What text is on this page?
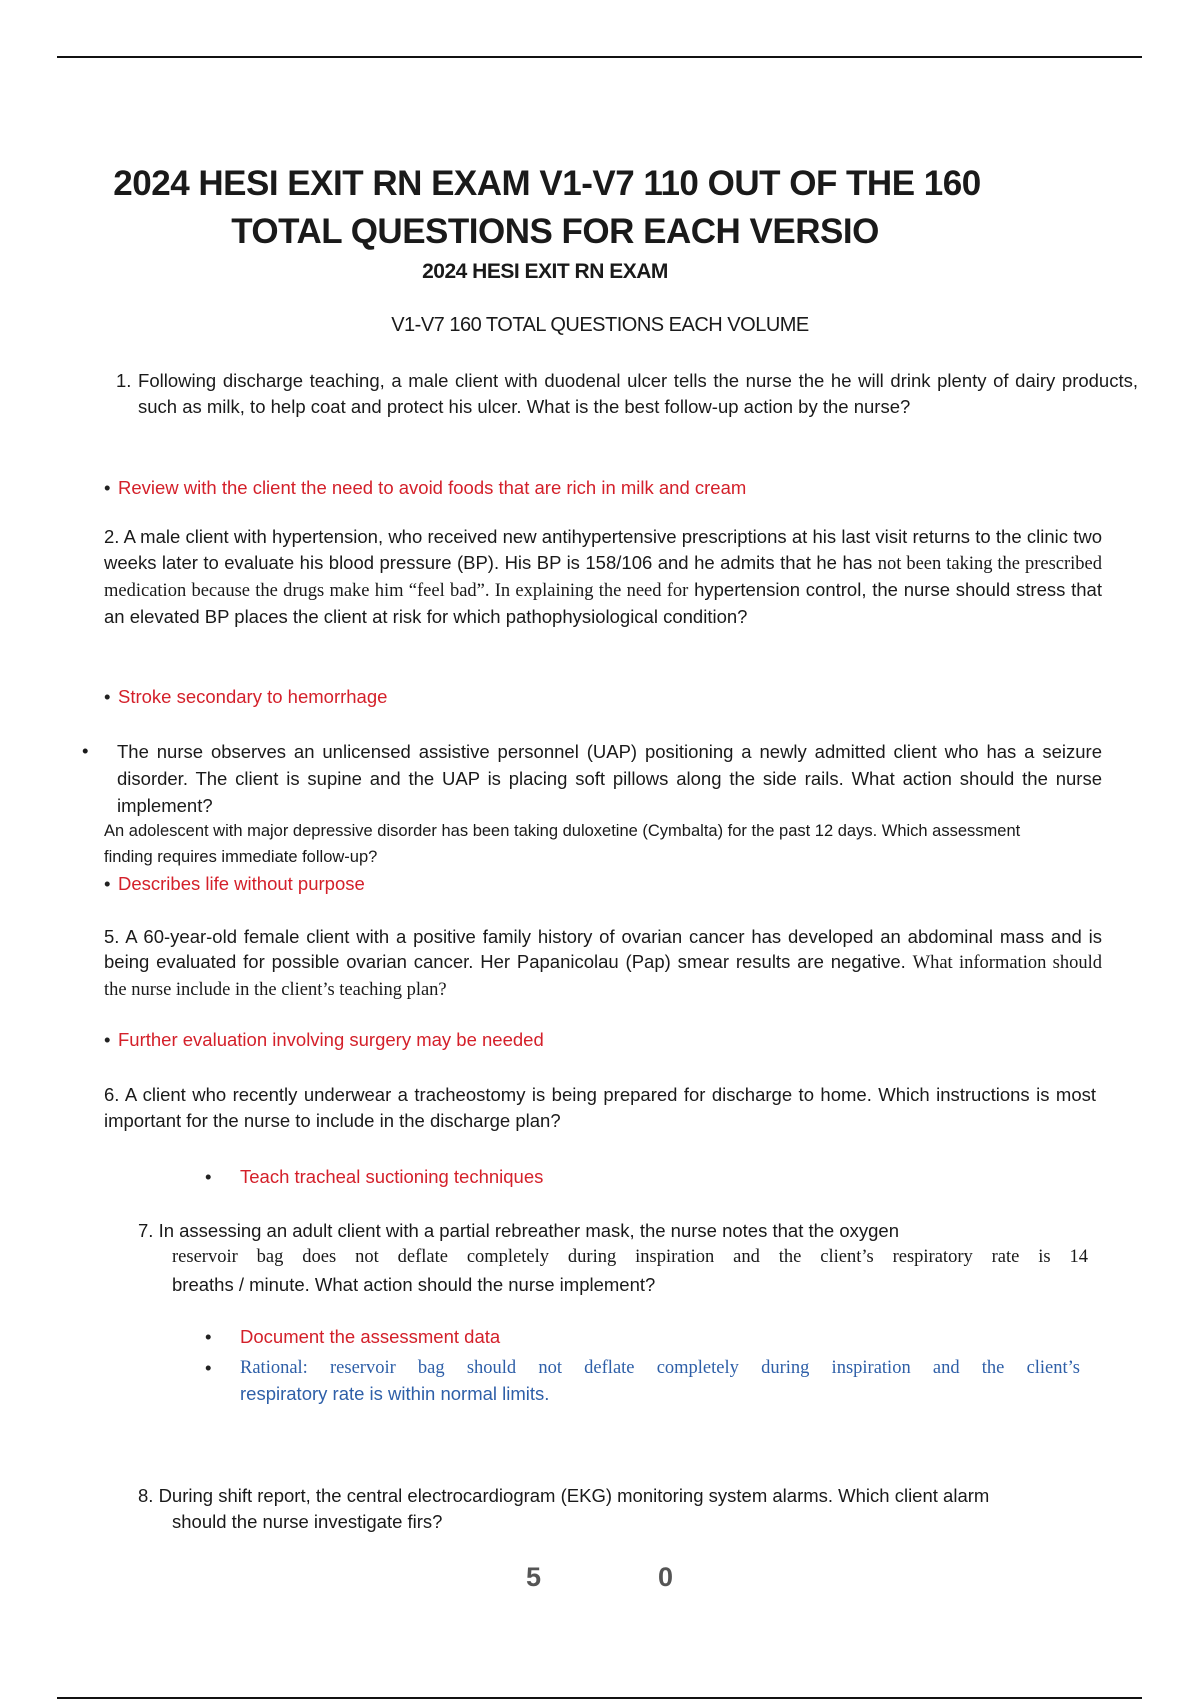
2024 HESI EXIT RN EXAM V1-V7 110 OUT OF THE 160
TOTAL QUESTIONS FOR EACH VERSIO
2024 HESI EXIT RN EXAM
V1-V7 160 TOTAL QUESTIONS EACH VOLUME
1. Following discharge teaching, a male client with duodenal ulcer tells the nurse the he will drink plenty of dairy products, such as milk, to help coat and protect his ulcer. What is the best follow-up action by the nurse?
• Review with the client the need to avoid foods that are rich in milk and cream
2. A male client with hypertension, who received new antihypertensive prescriptions at his last visit returns to the clinic two weeks later to evaluate his blood pressure (BP). His BP is 158/106 and he admits that he has not been taking the prescribed medication because the drugs make him “feel bad”. In explaining the need for hypertension control, the nurse should stress that an elevated BP places the client at risk for which pathophysiological condition?
• Stroke secondary to hemorrhage
•	The nurse observes an unlicensed assistive personnel (UAP) positioning a newly admitted client who has a seizure disorder. The client is supine and the UAP is placing soft pillows along the side rails. What action should the nurse implement?
An adolescent with major depressive disorder has been taking duloxetine (Cymbalta) for the past 12 days. Which assessment finding requires immediate follow-up?
• Describes life without purpose
5. A 60-year-old female client with a positive family history of ovarian cancer has developed an abdominal mass and is being evaluated for possible ovarian cancer. Her Papanicolau (Pap) smear results are negative. What information should the nurse include in the client’s teaching plan?
• Further evaluation involving surgery may be needed
6. A client who recently underwear a tracheostomy is being prepared for discharge to home. Which instructions is most important for the nurse to include in the discharge plan?
• Teach tracheal suctioning techniques
7. In assessing an adult client with a partial rebreather mask, the nurse notes that the oxygen
reservoir bag does not deflate completely during inspiration and the client’s respiratory rate is 14
breaths / minute. What action should the nurse implement?
• Document the assessment data
•	Rational: reservoir bag should not deflate completely during inspiration and the client’s
respiratory rate is within normal limits.
8. During shift report, the central electrocardiogram (EKG) monitoring system alarms. Which client alarm
should the nurse investigate firs?
5	0
